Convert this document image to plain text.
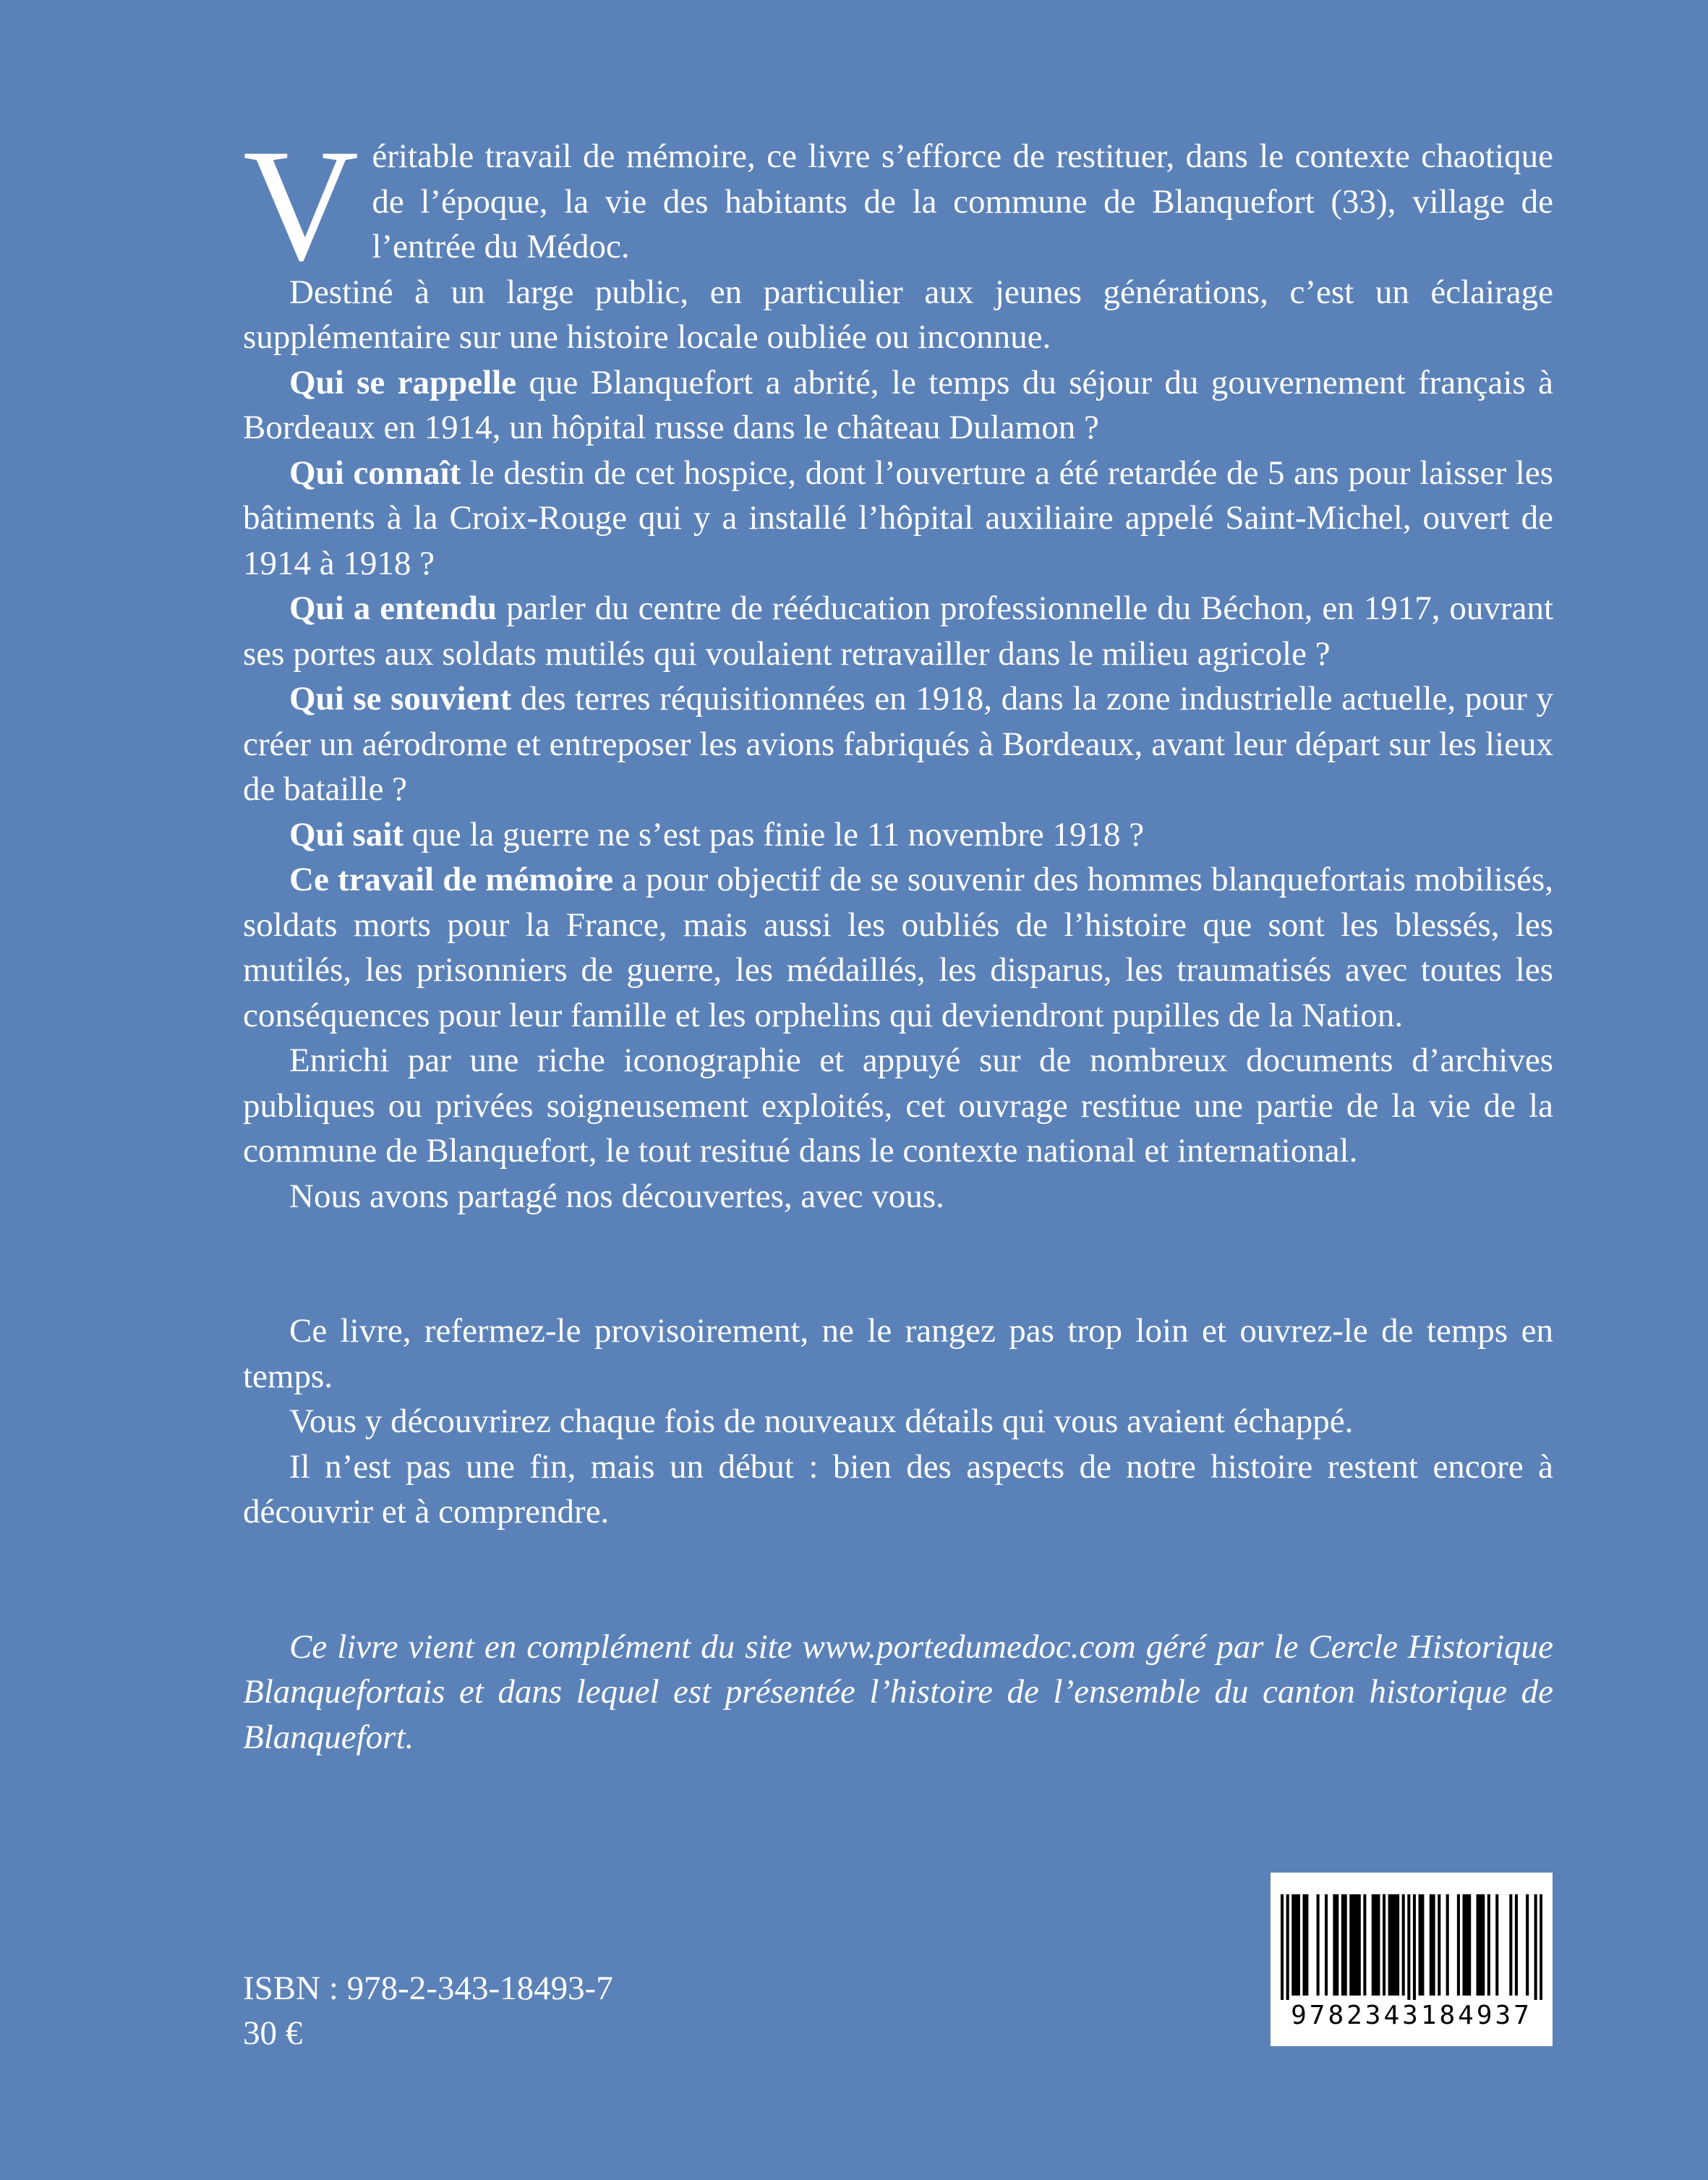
Véritable travail de mémoire, ce livre s’efforce de restituer, dans le contexte chaotique de l’époque, la vie des habitants de la commune de Blanquefort (33), village de l’entrée du Médoc.

Destiné à un large public, en particulier aux jeunes générations, c’est un éclairage supplémentaire sur une histoire locale oubliée ou inconnue.

Qui se rappelle que Blanquefort a abrité, le temps du séjour du gouvernement français à Bordeaux en 1914, un hôpital russe dans le château Dulamon ?

Qui connaît le destin de cet hospice, dont l’ouverture a été retardée de 5 ans pour laisser les bâtiments à la Croix-Rouge qui y a installé l’hôpital auxiliaire appelé Saint-Michel, ouvert de 1914 à 1918 ?

Qui a entendu parler du centre de rééducation professionnelle du Béchon, en 1917, ouvrant ses portes aux soldats mutilés qui voulaient retravailler dans le milieu agricole ?

Qui se souvient des terres réquisitionnées en 1918, dans la zone industrielle actuelle, pour y créer un aérodrome et entreposer les avions fabriqués à Bordeaux, avant leur départ sur les lieux de bataille ?

Qui sait que la guerre ne s’est pas finie le 11 novembre 1918 ?

Ce travail de mémoire a pour objectif de se souvenir des hommes blanquefortais mobilisés, soldats morts pour la France, mais aussi les oubliés de l’histoire que sont les blessés, les mutilés, les prisonniers de guerre, les médaillés, les disparus, les traumatisés avec toutes les conséquences pour leur famille et les orphelins qui deviendront pupilles de la Nation.

Enrichi par une riche iconographie et appuyé sur de nombreux documents d’archives publiques ou privées soigneusement exploités, cet ouvrage restitue une partie de la vie de la commune de Blanquefort, le tout resitué dans le contexte national et international.

Nous avons partagé nos découvertes, avec vous.

Ce livre, refermez-le provisoirement, ne le rangez pas trop loin et ouvrez-le de temps en temps.

Vous y découvrirez chaque fois de nouveaux détails qui vous avaient échappé.

Il n’est pas une fin, mais un début : bien des aspects de notre histoire restent encore à découvrir et à comprendre.

Ce livre vient en complément du site www.portedumedoc.com géré par le Cercle Historique Blanquefortais et dans lequel est présentée l’histoire de l’ensemble du canton historique de Blanquefort.

ISBN : 978-2-343-18493-7
30 €	9782343184937
